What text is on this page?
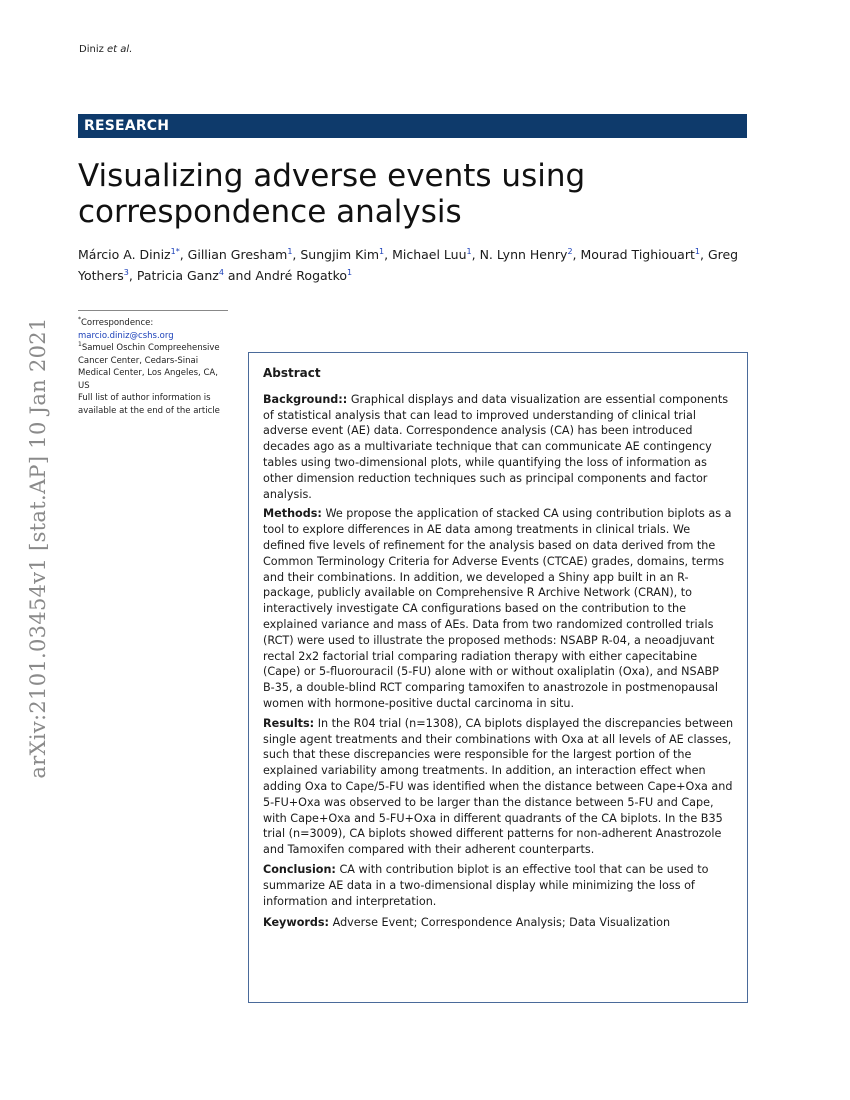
Diniz et al.
RESEARCH
Visualizing adverse events using correspondence analysis
Márcio A. Diniz$^{1*}$, Gillian Gresham$^1$, Sungjim Kim$^1$, Michael Luu$^1$, N. Lynn Henry$^2$, Mourad Tighiouart$^1$, Greg Yothers$^3$, Patricia Ganz$^4$ and André Rogatko$^1$
arXiv:2101.03454v1 [stat.AP] 10 Jan 2021	*Correspondence:
marcio.diniz@cshs.org
$^1$Samuel Oschin Compreehensive Cancer Center, Cedars-Sinai Medical Center, Los Angeles, CA, US
Full list of author information is available at the end of the article
Abstract

Background:: Graphical displays and data visualization are essential components of statistical analysis that can lead to improved understanding of clinical trial adverse event (AE) data. Correspondence analysis (CA) has been introduced decades ago as a multivariate technique that can communicate AE contingency tables using two-dimensional plots, while quantifying the loss of information as other dimension reduction techniques such as principal components and factor analysis.

Methods: We propose the application of stacked CA using contribution biplots as a tool to explore differences in AE data among treatments in clinical trials. We defined five levels of refinement for the analysis based on data derived from the Common Terminology Criteria for Adverse Events (CTCAE) grades, domains, terms and their combinations. In addition, we developed a Shiny app built in an R-package, publicly available on Comprehensive R Archive Network (CRAN), to interactively investigate CA configurations based on the contribution to the explained variance and mass of AEs. Data from two randomized controlled trials (RCT) were used to illustrate the proposed methods: NSABP R-04, a neoadjuvant rectal 2x2 factorial trial comparing radiation therapy with either capecitabine (Cape) or 5-fluorouracil (5-FU) alone with or without oxaliplatin (Oxa), and NSABP B-35, a double-blind RCT comparing tamoxifen to anastrozole in postmenopausal women with hormone-positive ductal carcinoma in situ.

Results: In the R04 trial (n=1308), CA biplots displayed the discrepancies between single agent treatments and their combinations with Oxa at all levels of AE classes, such that these discrepancies were responsible for the largest portion of the explained variability among treatments. In addition, an interaction effect when adding Oxa to Cape/5-FU was identified when the distance between Cape+Oxa and 5-FU+Oxa was observed to be larger than the distance between 5-FU and Cape, with Cape+Oxa and 5-FU+Oxa in different quadrants of the CA biplots. In the B35 trial (n=3009), CA biplots showed different patterns for non-adherent Anastrozole and Tamoxifen compared with their adherent counterparts.

Conclusion: CA with contribution biplot is an effective tool that can be used to summarize AE data in a two-dimensional display while minimizing the loss of information and interpretation.

Keywords: Adverse Event; Correspondence Analysis; Data Visualization
